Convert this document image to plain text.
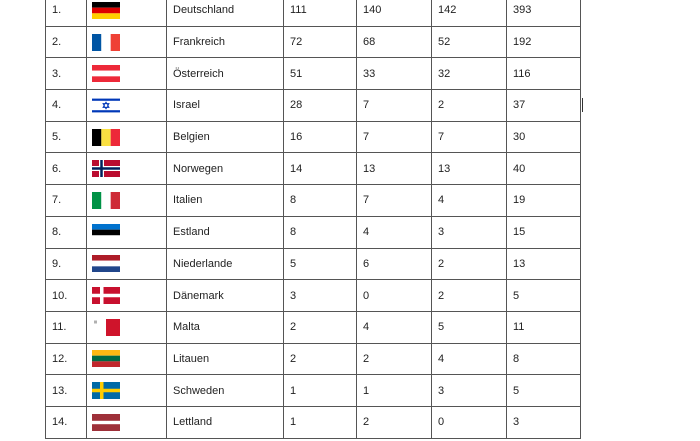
1.		Deutschland	111	140	142	393
2.		Frankreich	72	68	52	192
3.		Österreich	51	33	32	116
4.		Israel	28	7	2	37
5.		Belgien	16	7	7	30
6.		Norwegen	14	13	13	40
7.		Italien	8	7	4	19
8.		Estland	8	4	3	15
9.		Niederlande	5	6	2	13
10.		Dänemark	3	0	2	5
11.		Malta	2	4	5	11
12.		Litauen	2	2	4	8
13.		Schweden	1	1	3	5
14.		Lettland	1	2	0	3
